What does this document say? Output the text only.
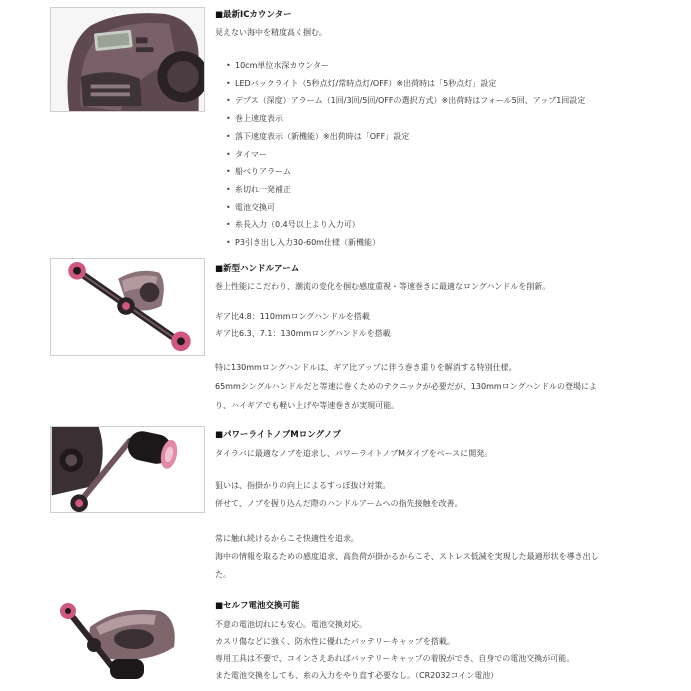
■最新ICカウンター
見えない海中を精度高く掴む。
• 10cm単位水深カウンター
• LEDバックライト（5秒点灯/常時点灯/OFF）※出荷時は「5秒点灯」設定
• デプス（深度）アラーム（1回/3回/5回/OFFの選択方式）※出荷時はフォール5回、アップ1回設定
• 巻上速度表示
• 落下速度表示（新機能）※出荷時は「OFF」設定
• タイマー
• 船べりアラーム
• 糸切れ一発補正
• 電池交換可
• 糸長入力（0.4号以上より入力可）
• P3引き出し入力30-60m仕様（新機能）
■新型ハンドルアーム
巻上性能にこだわり、潮流の変化を掴む感度重視・等速巻きに最適なロングハンドルを削新。
ギア比4.8：110mmロングハンドルを搭載
ギア比6.3、7.1：130mmロングハンドルを搭載
特に130mmロングハンドルは、ギア比アップに伴う巻き重りを解消する特別仕様。
65mmシングルハンドルだと等速に巻くためのテクニックが必要だが、130mmロングハンドルの登場によ
り、ハイギアでも軽い上げや等速巻きが実現可能。
■パワーライトノブMロングノブ
タイラバに最適なノブを追求し、パワーライトノブMタイプをベースに開発。
狙いは、指掛かりの向上によるすっぽ抜け対策。
併せて、ノブを握り込んだ際のハンドルアームへの指先接触を改善。
常に触れ続けるからこそ快適性を追求。
海中の情報を取るための感度追求、高負荷が掛かるからこそ、ストレス低減を実現した最適形状を導き出し
た。
■セルフ電池交換可能
不意の電池切れにも安心。電池交換対応。
カスリ傷などに強く、防水性に優れたバッテリーキャップを搭載。
専用工具は不要で、コインさえあればバッテリーキャップの着脱ができ、自身での電池交換が可能。
また電池交換をしても、糸の入力をやり直す必要なし。（CR2032コイン電池）
